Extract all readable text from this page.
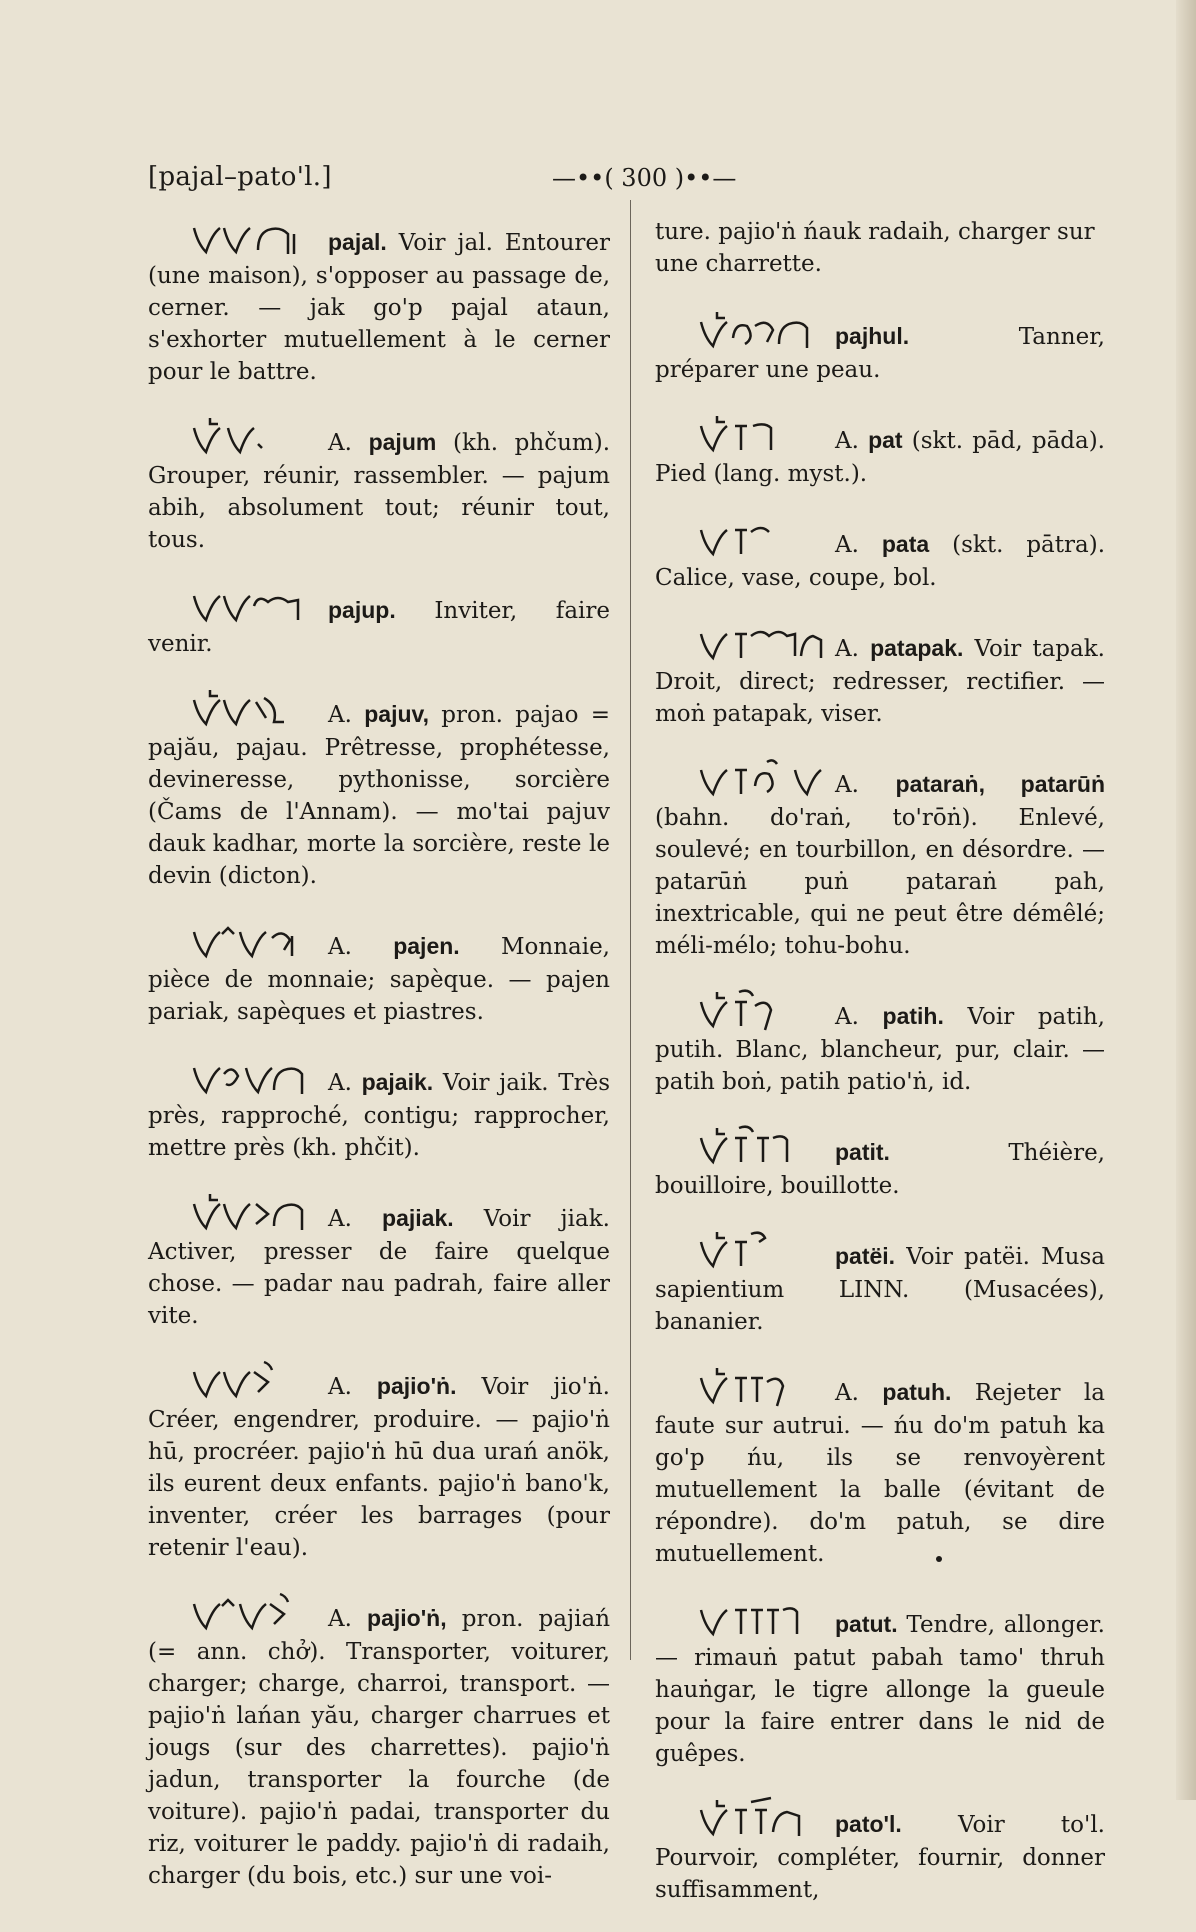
[pajal–pato'l.]	—••( 300 )••—

pajal. Voir jal. Entourer (une maison), s'opposer au passage de, cerner. — jak go'p pajal ataun, s'exhorter mutuellement à le cerner pour le battre.

A. pajum (kh. phčum). Grouper, réunir, rassembler. — pajum abih, absolument tout; réunir tout, tous.

pajup. Inviter, faire venir.

A. pajuv, pron. pajao = pajău, pajau. Prêtresse, prophétesse, devineresse, pythonisse, sorcière (Čams de l'Annam). — mo'tai pajuv dauk kadhar, morte la sorcière, reste le devin (dicton).

A. pajen. Monnaie, pièce de monnaie; sapèque. — pajen pariak, sapèques et piastres.

A. pajaik. Voir jaik. Très près, rapproché, contigu; rapprocher, mettre près (kh. phčit).

A. pajiak. Voir jiak. Activer, presser de faire quelque chose. — padar nau padrah, faire aller vite.

A. pajio'ṅ. Voir jio'ṅ. Créer, engendrer, produire. — pajio'ṅ hū, procréer. pajio'ṅ hū dua urań anök, ils eurent deux enfants. pajio'ṅ bano'k, inventer, créer les barrages (pour retenir l'eau).

A. pajio'ṅ, pron. pajiań (= ann. chở). Transporter, voiturer, charger; charge, charroi, transport. — pajio'ṅ lańan yău, charger charrues et jougs (sur des charrettes). pajio'ṅ jadun, transporter la fourche (de voiture). pajio'ṅ padai, transporter du riz, voiturer le paddy. pajio'ṅ di radaih, charger (du bois, etc.) sur une voi-

ture. pajio'ṅ ńauk radaih, charger sur une charrette.

pajhul. Tanner, préparer une peau.

A. pat (skt. pād, pāda). Pied (lang. myst.).

A. pata (skt. pātra). Calice, vase, coupe, bol.

A. patapak. Voir tapak. Droit, direct; redresser, rectifier. — moṅ patapak, viser.

A. pataraṅ, patarūṅ (bahn. do'raṅ, to'rōṅ). Enlevé, soulevé; en tourbillon, en désordre. — patarūṅ puṅ pataraṅ pah, inextricable, qui ne peut être démêlé; méli-mélo; tohu-bohu.

A. patih. Voir patih, putih. Blanc, blancheur, pur, clair. — patih boṅ, patih patio'ṅ, id.

patit. Théière, bouilloire, bouillotte.

patëi. Voir patëi. Musa sapientium LINN. (Musacées), bananier.

A. patuh. Rejeter la faute sur autrui. — ńu do'm patuh ka go'p ńu, ils se renvoyèrent mutuellement la balle (évitant de répondre). do'm patuh, se dire mutuellement.

patut. Tendre, allonger. — rimauṅ patut pabah tamo' thruh hauṅgar, le tigre allonge la gueule pour la faire entrer dans le nid de guêpes.

pato'l. Voir to'l. Pourvoir, compléter, fournir, donner suffisamment,
